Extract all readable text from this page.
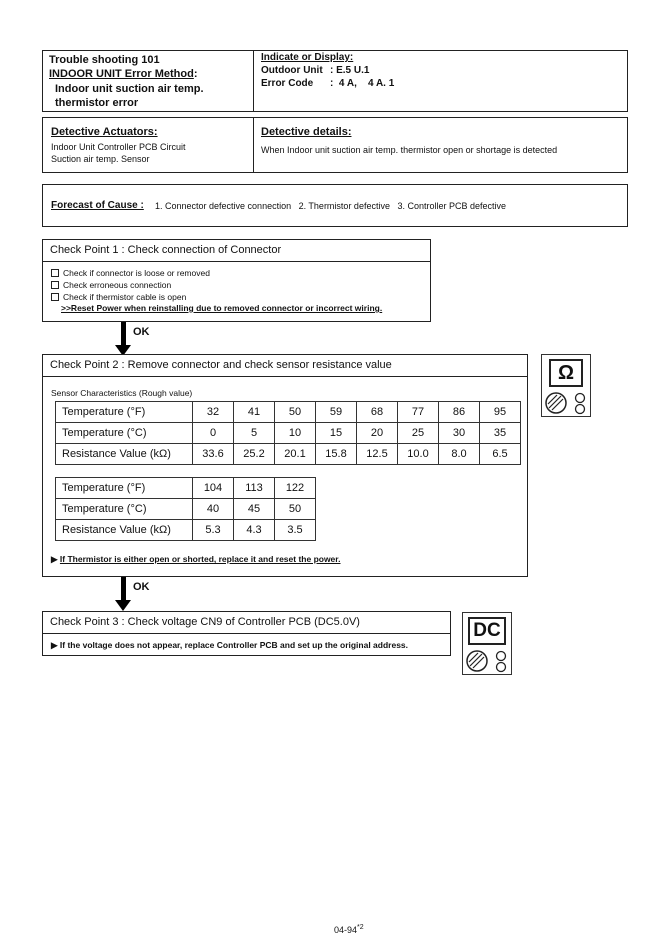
Trouble shooting 101
INDOOR UNIT Error Method:
Indoor unit suction air temp.
thermistor error
Indicate or Display:
Outdoor Unit : E.5 U.1
Error Code :  4 A,    4 A. 1
Detective Actuators:
Indoor Unit Controller PCB Circuit
Suction air temp. Sensor
Detective details:
When Indoor unit suction air temp. thermistor open or shortage is detected
Forecast of Cause : 1. Connector defective connection   2. Thermistor defective   3. Controller PCB defective
Check Point 1 : Check connection of Connector
Check if connector is loose or removed
Check erroneous connection
Check if thermistor cable is open
>>Reset Power when reinstalling due to removed connector or incorrect wiring.
OK
Check Point 2 : Remove connector and check sensor resistance value
Sensor Characteristics (Rough value)
Temperature (°F)	32	41	50	59	68	77	86	95
Temperature (°C)	0	5	10	15	20	25	30	35
Resistance Value (kΩ)	33.6	25.2	20.1	15.8	12.5	10.0	8.0	6.5
Temperature (°F)	104	113	122
Temperature (°C)	40	45	50
Resistance Value (kΩ)	5.3	4.3	3.5
▶ If Thermistor is either open or shorted, replace it and reset the power.
Ω
OK
Check Point 3 : Check voltage CN9 of Controller PCB (DC5.0V)
▶ If the voltage does not appear, replace Controller PCB and set up the original address.
DC
04-94$^{*2}$
